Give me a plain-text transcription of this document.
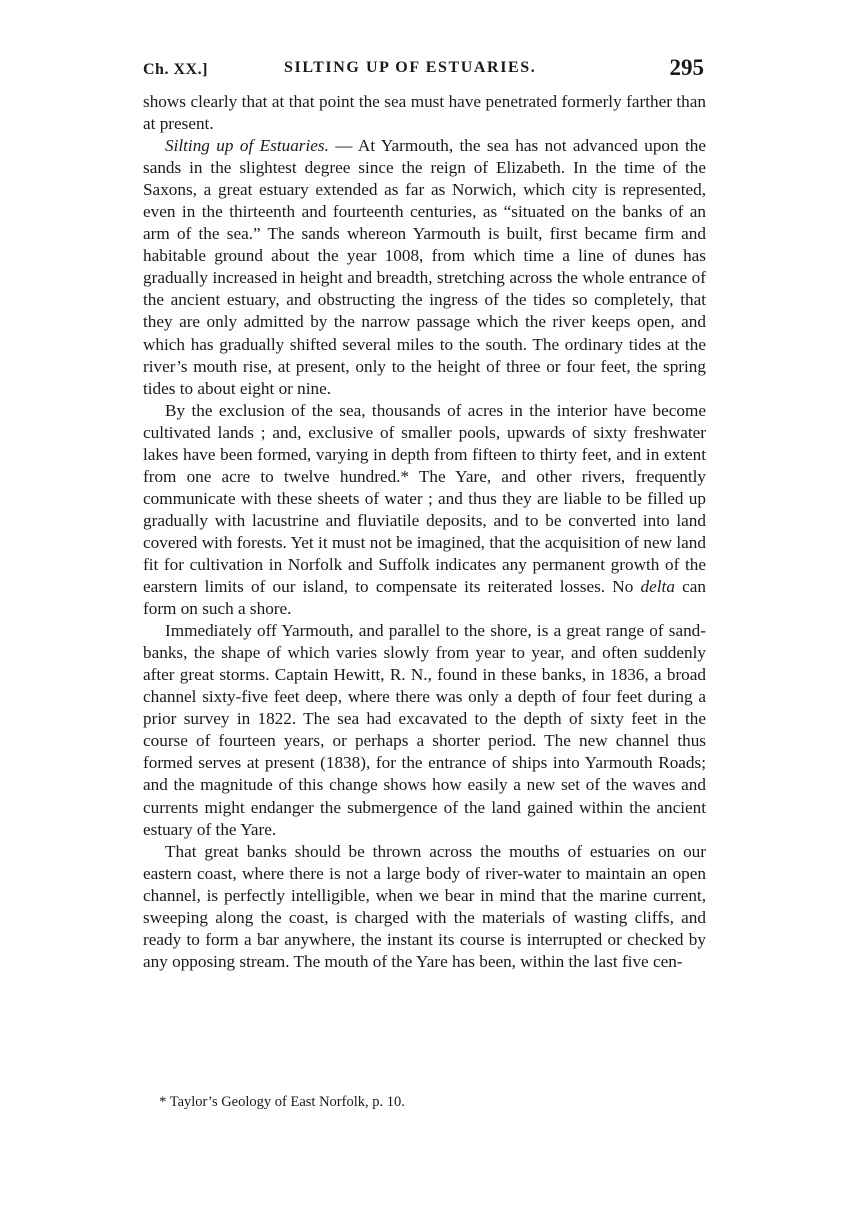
Ch. XX.]	SILTING UP OF ESTUARIES.	295

shows clearly that at that point the sea must have penetrated formerly farther than at present.

Silting up of Estuaries. — At Yarmouth, the sea has not advanced upon the sands in the slightest degree since the reign of Elizabeth. In the time of the Saxons, a great estuary extended as far as Norwich, which city is represented, even in the thirteenth and fourteenth centuries, as “situated on the banks of an arm of the sea.” The sands whereon Yarmouth is built, first became firm and habitable ground about the year 1008, from which time a line of dunes has gradually increased in height and breadth, stretching across the whole entrance of the ancient estuary, and obstructing the ingress of the tides so completely, that they are only admitted by the narrow passage which the river keeps open, and which has gradually shifted several miles to the south. The ordinary tides at the river’s mouth rise, at present, only to the height of three or four feet, the spring tides to about eight or nine.

By the exclusion of the sea, thousands of acres in the interior have become cultivated lands ; and, exclusive of smaller pools, upwards of sixty freshwater lakes have been formed, varying in depth from fifteen to thirty feet, and in extent from one acre to twelve hundred.* The Yare, and other rivers, frequently communicate with these sheets of water ; and thus they are liable to be filled up gradually with lacustrine and fluviatile deposits, and to be converted into land covered with forests. Yet it must not be imagined, that the acquisition of new land fit for cultivation in Norfolk and Suffolk indicates any permanent growth of the earstern limits of our island, to compensate its reiterated losses. No delta can form on such a shore.

Immediately off Yarmouth, and parallel to the shore, is a great range of sand-banks, the shape of which varies slowly from year to year, and often suddenly after great storms. Captain Hewitt, R. N., found in these banks, in 1836, a broad channel sixty-five feet deep, where there was only a depth of four feet during a prior survey in 1822. The sea had excavated to the depth of sixty feet in the course of fourteen years, or perhaps a shorter period. The new channel thus formed serves at present (1838), for the entrance of ships into Yarmouth Roads; and the magnitude of this change shows how easily a new set of the waves and currents might endanger the submergence of the land gained within the ancient estuary of the Yare.

That great banks should be thrown across the mouths of estuaries on our eastern coast, where there is not a large body of river-water to maintain an open channel, is perfectly intelligible, when we bear in mind that the marine current, sweeping along the coast, is charged with the materials of wasting cliffs, and ready to form a bar anywhere, the instant its course is interrupted or checked by any opposing stream. The mouth of the Yare has been, within the last five cen-

* Taylor’s Geology of East Norfolk, p. 10.
